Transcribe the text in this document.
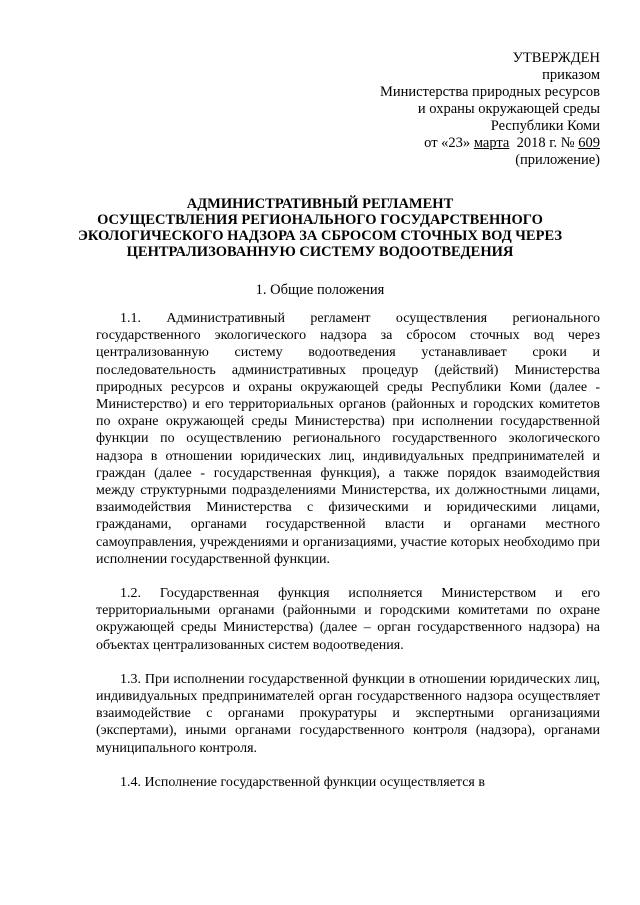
УТВЕРЖДЕН
приказом
Министерства природных ресурсов
и охраны окружающей среды
Республики Коми
от «23» марта 2018 г. № 609
(приложение)
АДМИНИСТРАТИВНЫЙ РЕГЛАМЕНТ
ОСУЩЕСТВЛЕНИЯ РЕГИОНАЛЬНОГО ГОСУДАРСТВЕННОГО
ЭКОЛОГИЧЕСКОГО НАДЗОРА ЗА СБРОСОМ СТОЧНЫХ ВОД ЧЕРЕЗ
ЦЕНТРАЛИЗОВАННУЮ СИСТЕМУ ВОДООТВЕДЕНИЯ
1. Общие положения

1.1. Административный регламент осуществления регионального государственного экологического надзора за сбросом сточных вод через централизованную систему водоотведения устанавливает сроки и последовательность административных процедур (действий) Министерства природных ресурсов и охраны окружающей среды Республики Коми (далее - Министерство) и его территориальных органов (районных и городских комитетов по охране окружающей среды Министерства) при исполнении государственной функции по осуществлению регионального государственного экологического надзора в отношении юридических лиц, индивидуальных предпринимателей и граждан (далее - государственная функция), а также порядок взаимодействия между структурными подразделениями Министерства, их должностными лицами, взаимодействия Министерства с физическими и юридическими лицами, гражданами, органами государственной власти и органами местного самоуправления, учреждениями и организациями, участие которых необходимо при исполнении государственной функции.

1.2. Государственная функция исполняется Министерством и его территориальными органами (районными и городскими комитетами по охране окружающей среды Министерства) (далее – орган государственного надзора) на объектах централизованных систем водоотведения.

1.3. При исполнении государственной функции в отношении юридических лиц, индивидуальных предпринимателей орган государственного надзора осуществляет взаимодействие с органами прокуратуры и экспертными организациями (экспертами), иными органами государственного контроля (надзора), органами муниципального контроля.

1.4. Исполнение государственной функции осуществляется в
